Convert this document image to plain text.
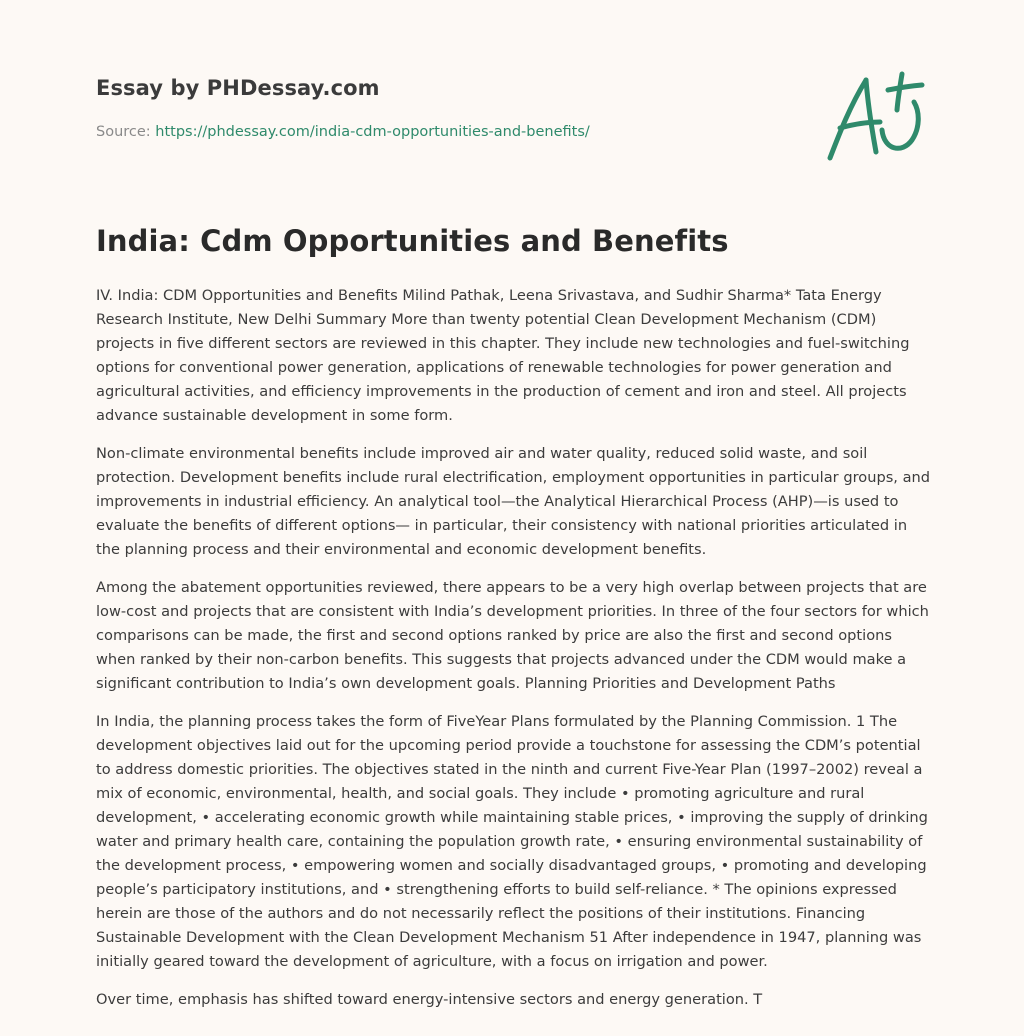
Essay by PHDessay.com
Source: https://phdessay.com/india-cdm-opportunities-and-benefits/
India: Cdm Opportunities and Benefits

IV. India: CDM Opportunities and Benefits Milind Pathak, Leena Srivastava, and Sudhir Sharma* Tata Energy Research Institute, New Delhi Summary More than twenty potential Clean Development Mechanism (CDM) projects in five different sectors are reviewed in this chapter. They include new technologies and fuel-switching options for conventional power generation, applications of renewable technologies for power generation and agricultural activities, and efficiency improvements in the production of cement and iron and steel. All projects advance sustainable development in some form.

Non-climate environmental benefits include improved air and water quality, reduced solid waste, and soil protection. Development benefits include rural electrification, employment opportunities in particular groups, and improvements in industrial efficiency. An analytical tool—the Analytical Hierarchical Process (AHP)—is used to evaluate the benefits of different options— in particular, their consistency with national priorities articulated in the planning process and their environmental and economic development benefits.

Among the abatement opportunities reviewed, there appears to be a very high overlap between projects that are low-cost and projects that are consistent with India’s development priorities. In three of the four sectors for which comparisons can be made, the first and second options ranked by price are also the first and second options when ranked by their non-carbon benefits. This suggests that projects advanced under the CDM would make a significant contribution to India’s own development goals. Planning Priorities and Development Paths

In India, the planning process takes the form of FiveYear Plans formulated by the Planning Commission. 1 The development objectives laid out for the upcoming period provide a touchstone for assessing the CDM’s potential to address domestic priorities. The objectives stated in the ninth and current Five-Year Plan (1997–2002) reveal a mix of economic, environmental, health, and social goals. They include • promoting agriculture and rural development, • accelerating economic growth while maintaining stable prices, • improving the supply of drinking water and primary health care, containing the population growth rate, • ensuring environmental sustainability of the development process, • empowering women and socially disadvantaged groups, • promoting and developing people’s participatory institutions, and • strengthening efforts to build self-reliance. * The opinions expressed herein are those of the authors and do not necessarily reflect the positions of their institutions. Financing Sustainable Development with the Clean Development Mechanism 51 After independence in 1947, planning was initially geared toward the development of agriculture, with a focus on irrigation and power.

Over time, emphasis has shifted toward energy-intensive sectors and energy generation. T
